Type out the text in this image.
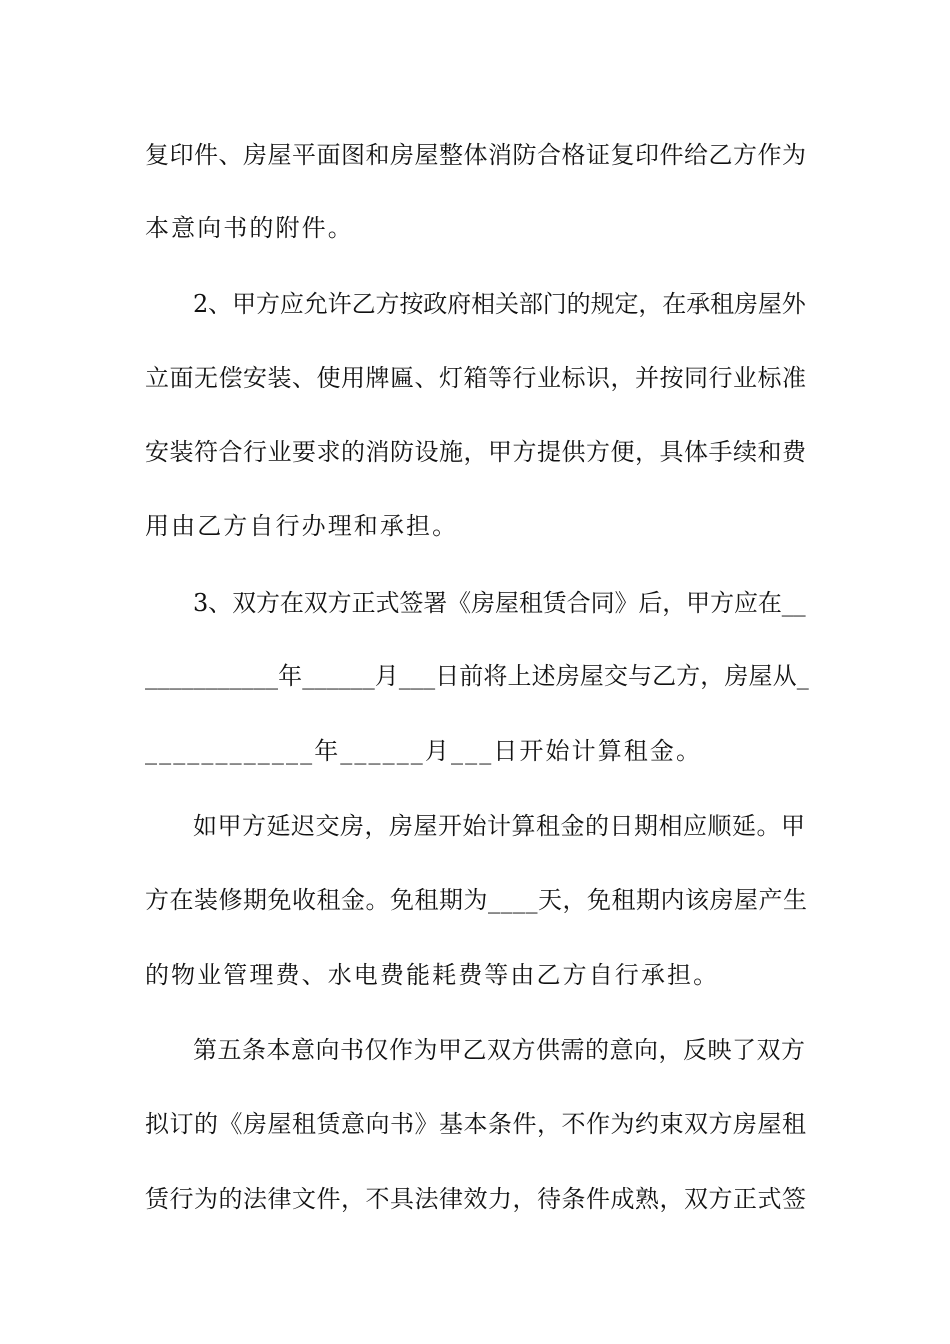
复印件、房屋平面图和房屋整体消防合格证复印件给乙方作为
本意向书的附件。
2、甲方应允许乙方按政府相关部门的规定，在承租房屋外
立面无偿安装、使用牌匾、灯箱等行业标识，并按同行业标准
安装符合行业要求的消防设施，甲方提供方便，具体手续和费
用由乙方自行办理和承担。
3、双方在双方正式签署《房屋租赁合同》后，甲方应在__
___________年______月___日前将上述房屋交与乙方，房屋从_
____________年______月___日开始计算租金。
如甲方延迟交房，房屋开始计算租金的日期相应顺延。甲
方在装修期免收租金。免租期为____天，免租期内该房屋产生
的物业管理费、水电费能耗费等由乙方自行承担。
第五条本意向书仅作为甲乙双方供需的意向，反映了双方
拟订的《房屋租赁意向书》基本条件，不作为约束双方房屋租
赁行为的法律文件，不具法律效力，待条件成熟，双方正式签
